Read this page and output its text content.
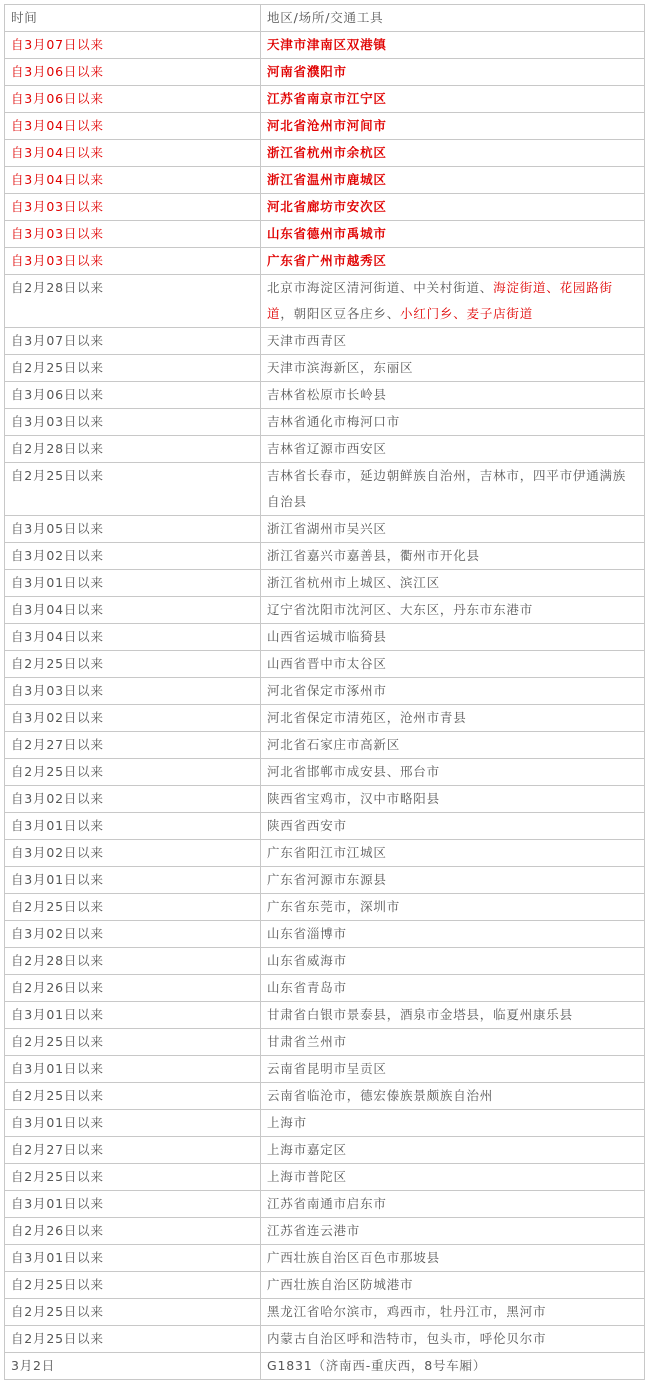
时间	地区/场所/交通工具
自3月07日以来	天津市津南区双港镇
自3月06日以来	河南省濮阳市
自3月06日以来	江苏省南京市江宁区
自3月04日以来	河北省沧州市河间市
自3月04日以来	浙江省杭州市余杭区
自3月04日以来	浙江省温州市鹿城区
自3月03日以来	河北省廊坊市安次区
自3月03日以来	山东省德州市禹城市
自3月03日以来	广东省广州市越秀区
自2月28日以来	北京市海淀区清河街道、中关村街道、海淀街道、花园路街道，朝阳区豆各庄乡、小红门乡、麦子店街道
自3月07日以来	天津市西青区
自2月25日以来	天津市滨海新区，东丽区
自3月06日以来	吉林省松原市长岭县
自3月03日以来	吉林省通化市梅河口市
自2月28日以来	吉林省辽源市西安区
自2月25日以来	吉林省长春市，延边朝鲜族自治州，吉林市，四平市伊通满族自治县
自3月05日以来	浙江省湖州市吴兴区
自3月02日以来	浙江省嘉兴市嘉善县，衢州市开化县
自3月01日以来	浙江省杭州市上城区、滨江区
自3月04日以来	辽宁省沈阳市沈河区、大东区，丹东市东港市
自3月04日以来	山西省运城市临猗县
自2月25日以来	山西省晋中市太谷区
自3月03日以来	河北省保定市涿州市
自3月02日以来	河北省保定市清苑区，沧州市青县
自2月27日以来	河北省石家庄市高新区
自2月25日以来	河北省邯郸市成安县、邢台市
自3月02日以来	陕西省宝鸡市，汉中市略阳县
自3月01日以来	陕西省西安市
自3月02日以来	广东省阳江市江城区
自3月01日以来	广东省河源市东源县
自2月25日以来	广东省东莞市，深圳市
自3月02日以来	山东省淄博市
自2月28日以来	山东省威海市
自2月26日以来	山东省青岛市
自3月01日以来	甘肃省白银市景泰县，酒泉市金塔县，临夏州康乐县
自2月25日以来	甘肃省兰州市
自3月01日以来	云南省昆明市呈贡区
自2月25日以来	云南省临沧市，德宏傣族景颇族自治州
自3月01日以来	上海市
自2月27日以来	上海市嘉定区
自2月25日以来	上海市普陀区
自3月01日以来	江苏省南通市启东市
自2月26日以来	江苏省连云港市
自3月01日以来	广西壮族自治区百色市那坡县
自2月25日以来	广西壮族自治区防城港市
自2月25日以来	黑龙江省哈尔滨市，鸡西市，牡丹江市，黑河市
自2月25日以来	内蒙古自治区呼和浩特市，包头市，呼伦贝尔市
3月2日	G1831（济南西-重庆西，8号车厢）
